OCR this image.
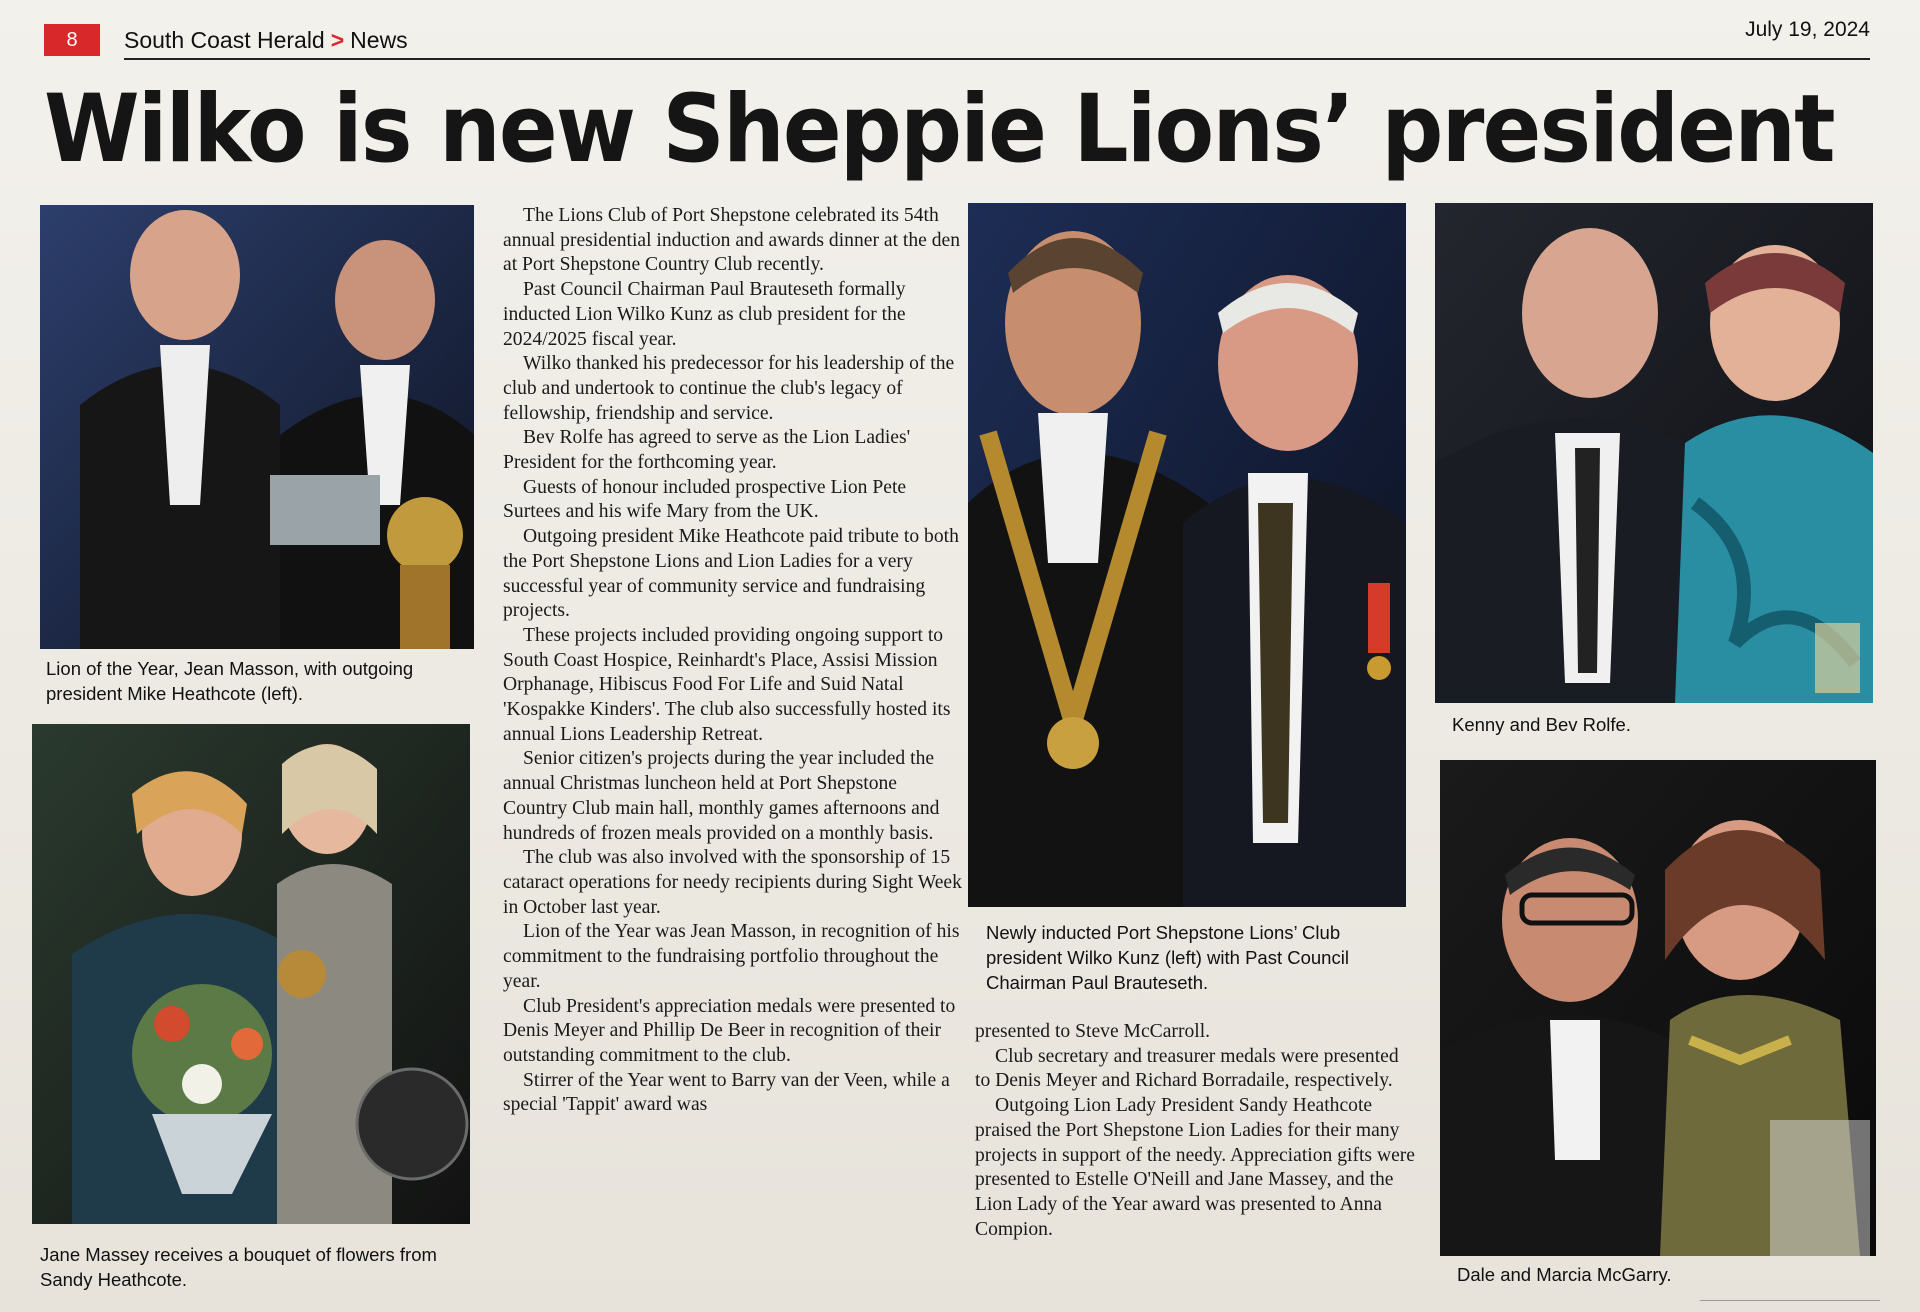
8	South Coast Herald > News	July 19, 2024
Wilko is new Sheppie Lions’ president
Lion of the Year, Jean Masson, with outgoing president Mike Heathcote (left).
Jane Massey receives a bouquet of flowers from Sandy Heathcote.

The Lions Club of Port Shepstone celebrated its 54th annual presidential induction and awards dinner at the den at Port Shepstone Country Club recently.

Past Council Chairman Paul Brauteseth formally inducted Lion Wilko Kunz as club president for the 2024/2025 fiscal year.

Wilko thanked his predecessor for his leadership of the club and undertook to continue the club's legacy of fellowship, friendship and service.

Bev Rolfe has agreed to serve as the Lion Ladies' President for the forthcoming year.

Guests of honour included prospective Lion Pete Surtees and his wife Mary from the UK.

Outgoing president Mike Heathcote paid tribute to both the Port Shepstone Lions and Lion Ladies for a very successful year of community service and fundraising projects.

These projects included providing ongoing support to South Coast Hospice, Reinhardt's Place, Assisi Mission Orphanage, Hibiscus Food For Life and Suid Natal 'Kospakke Kinders'. The club also successfully hosted its annual Lions Leadership Retreat.

Senior citizen's projects during the year included the annual Christmas luncheon held at Port Shepstone Country Club main hall, monthly games afternoons and hundreds of frozen meals provided on a monthly basis.

The club was also involved with the sponsorship of 15 cataract operations for needy recipients during Sight Week in October last year.

Lion of the Year was Jean Masson, in recognition of his commitment to the fundraising portfolio throughout the year.

Club President's appreciation medals were presented to Denis Meyer and Phillip De Beer in recognition of their outstanding commitment to the club.

Stirrer of the Year went to Barry van der Veen, while a special 'Tappit' award was

Newly inducted Port Shepstone Lions’ Club president Wilko Kunz (left) with Past Council Chairman Paul Brauteseth.

presented to Steve McCarroll.

Club secretary and treasurer medals were presented to Denis Meyer and Richard Borradaile, respectively.

Outgoing Lion Lady President Sandy Heathcote praised the Port Shepstone Lion Ladies for their many projects in support of the needy. Appreciation gifts were presented to Estelle O'Neill and Jane Massey, and the Lion Lady of the Year award was presented to Anna Compion.

Kenny and Bev Rolfe.
Dale and Marcia McGarry.
